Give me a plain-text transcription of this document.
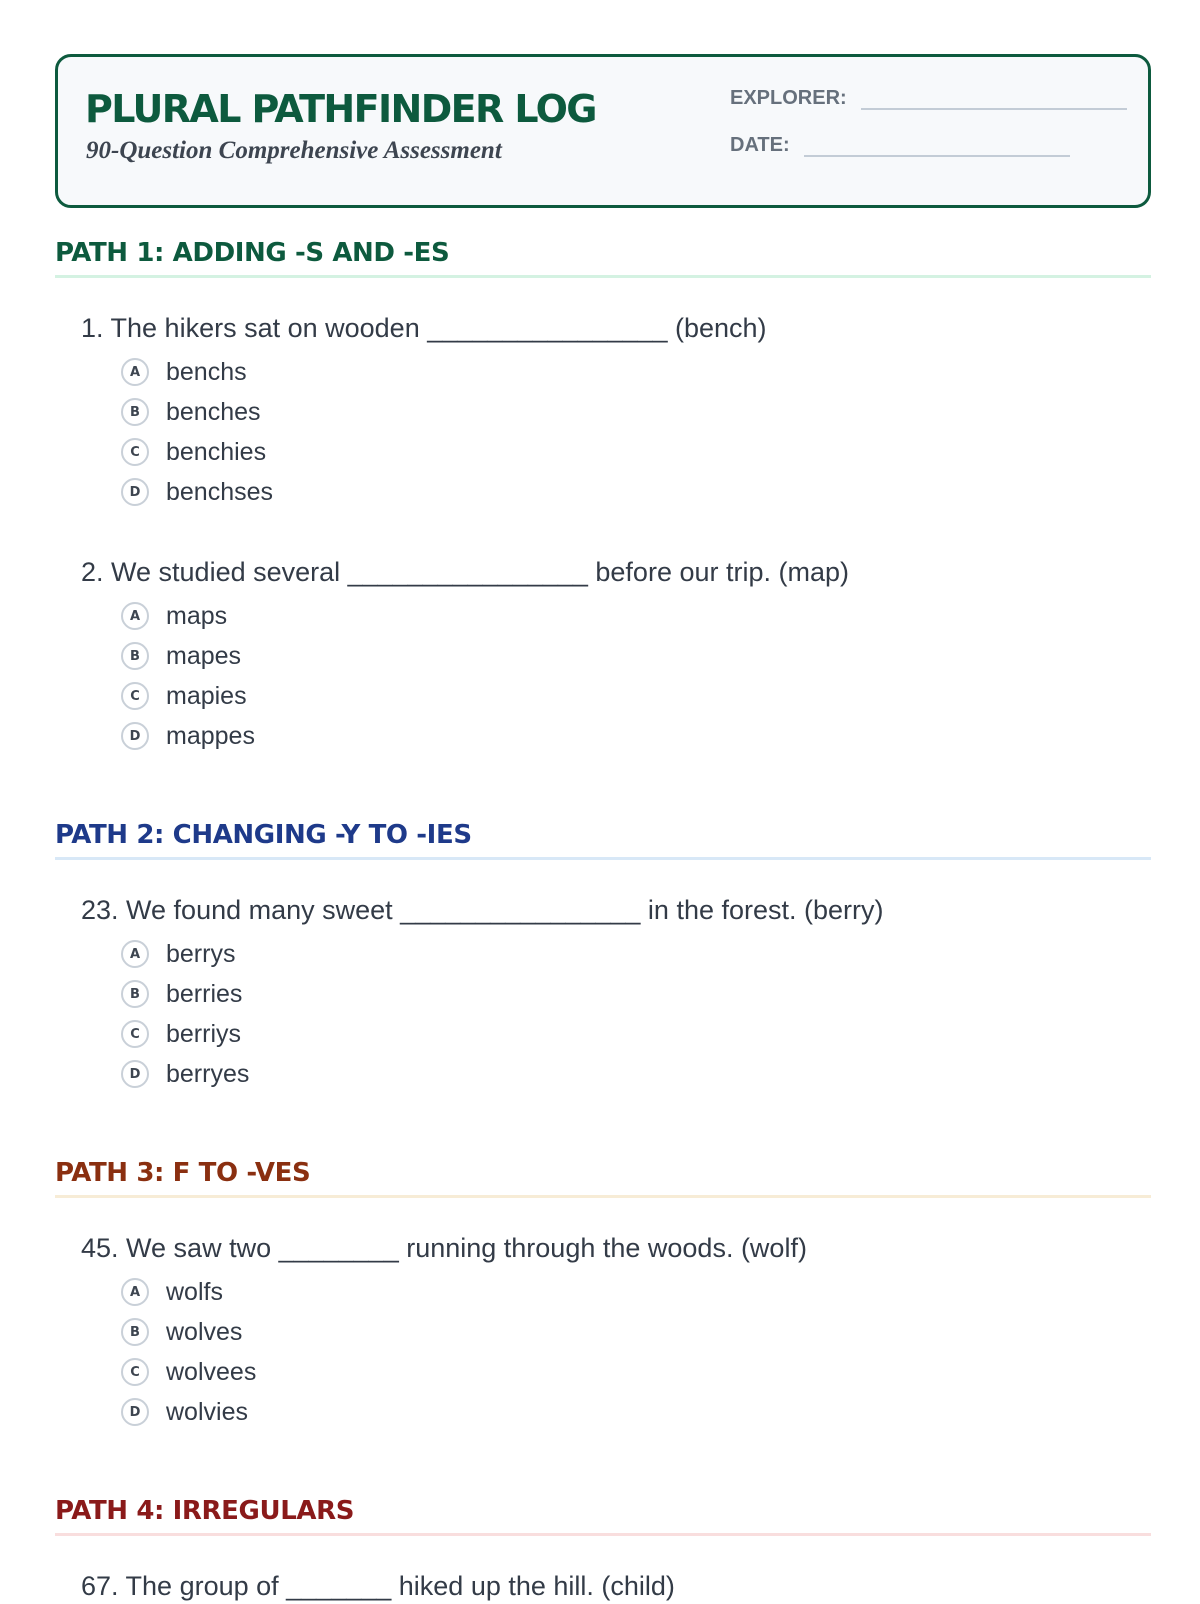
PLURAL PATHFINDER LOG

90-Question Comprehensive Assessment

EXPLORER:
DATE:
PATH 1: ADDING -S AND -ES
1. The hikers sat on wooden ________________ (bench)
A	benchs
B	benches
C	benchies
D	benchses
2. We studied several ________________ before our trip. (map)
A	maps
B	mapes
C	mapies
D	mappes
PATH 2: CHANGING -Y TO -IES
23. We found many sweet ________________ in the forest. (berry)
A	berrys
B	berries
C	berriys
D	berryes
PATH 3: F TO -VES
45. We saw two ________ running through the woods. (wolf)
A	wolfs
B	wolves
C	wolvees
D	wolvies
PATH 4: IRREGULARS
67. The group of _______ hiked up the hill. (child)
